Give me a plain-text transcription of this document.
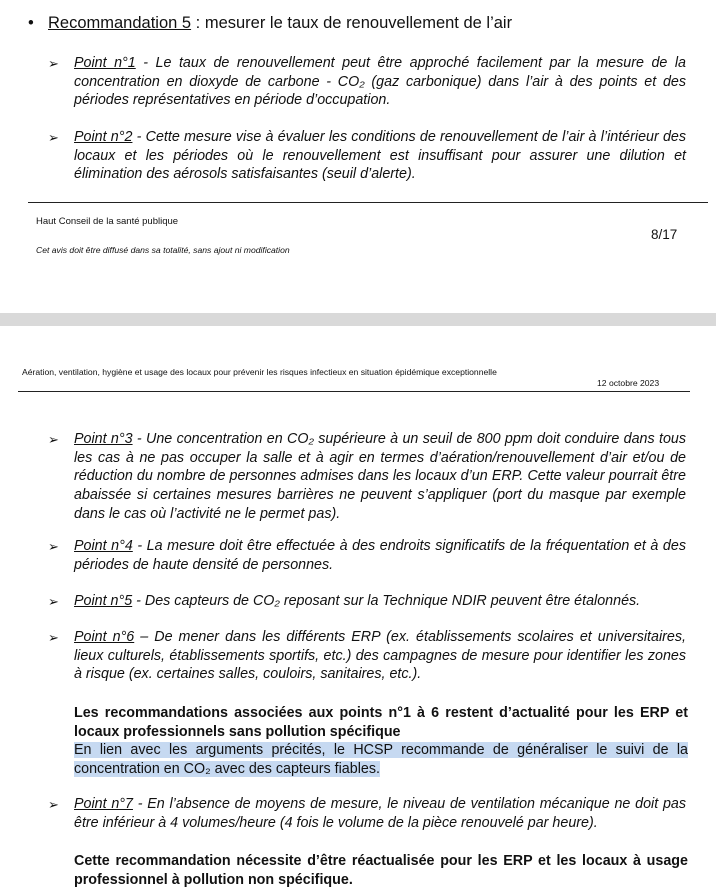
• Recommandation 5 : mesurer le taux de renouvellement de l’air
➢ Point n°1 - Le taux de renouvellement peut être approché facilement par la mesure de la concentration en dioxyde de carbone - CO₂ (gaz carbonique) dans l’air à des points et des périodes représentatives en période d’occupation.
➢ Point n°2 - Cette mesure vise à évaluer les conditions de renouvellement de l’air à l’intérieur des locaux et les périodes où le renouvellement est insuffisant pour assurer une dilution et élimination des aérosols satisfaisantes (seuil d’alerte).
Haut Conseil de la santé publique
Cet avis doit être diffusé dans sa totalité, sans ajout ni modification
8/17
Aération, ventilation, hygiène et usage des locaux pour prévenir les risques infectieux en situation épidémique exceptionnelle
12 octobre 2023
➢ Point n°3 - Une concentration en CO₂ supérieure à un seuil de 800 ppm doit conduire dans tous les cas à ne pas occuper la salle et à agir en termes d’aération/renouvellement d’air et/ou de réduction du nombre de personnes admises dans les locaux d’un ERP. Cette valeur pourrait être abaissée si certaines mesures barrières ne peuvent s’appliquer (port du masque par exemple dans le cas où l’activité ne le permet pas).
➢ Point n°4 - La mesure doit être effectuée à des endroits significatifs de la fréquentation et à des périodes de haute densité de personnes.
➢ Point n°5 - Des capteurs de CO₂ reposant sur la Technique NDIR peuvent être étalonnés.
➢ Point n°6 – De mener dans les différents ERP (ex. établissements scolaires et universitaires, lieux culturels, établissements sportifs, etc.) des campagnes de mesure pour identifier les zones à risque (ex. certaines salles, couloirs, sanitaires, etc.).
Les recommandations associées aux points n°1 à 6 restent d’actualité pour les ERP et locaux professionnels sans pollution spécifique
En lien avec les arguments précités, le HCSP recommande de généraliser le suivi de la concentration en CO₂ avec des capteurs fiables.
➢ Point n°7 - En l’absence de moyens de mesure, le niveau de ventilation mécanique ne doit pas être inférieur à 4 volumes/heure (4 fois le volume de la pièce renouvelé par heure).
Cette recommandation nécessite d’être réactualisée pour les ERP et les locaux à usage professionnel à pollution non spécifique.
